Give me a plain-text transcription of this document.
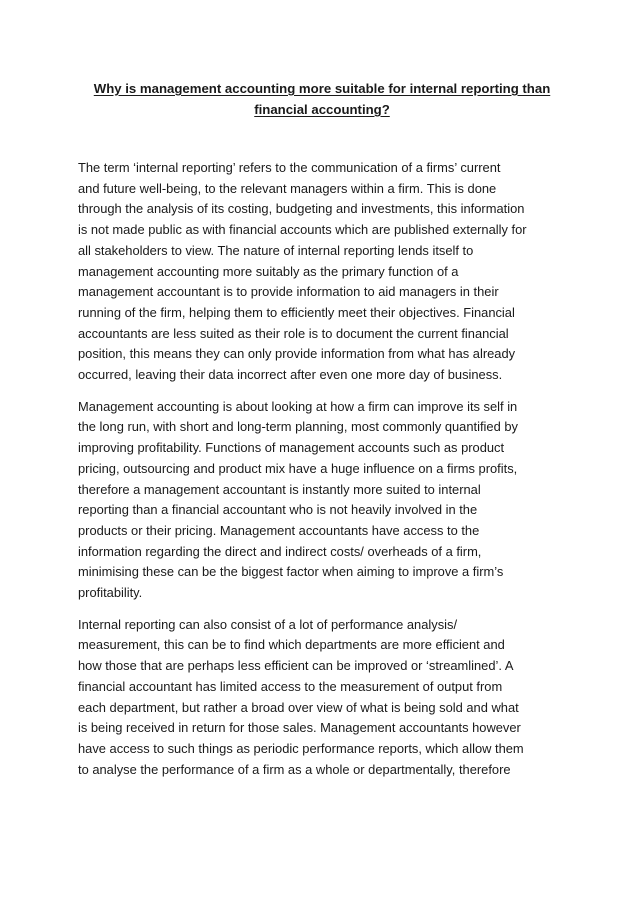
Why is management accounting more suitable for internal reporting than
financial accounting?

The term ‘internal reporting’ refers to the communication of a firms’ current
and future well-being, to the relevant managers within a firm. This is done
through the analysis of its costing, budgeting and investments, this information
is not made public as with financial accounts which are published externally for
all stakeholders to view. The nature of internal reporting lends itself to
management accounting more suitably as the primary function of a
management accountant is to provide information to aid managers in their
running of the firm, helping them to efficiently meet their objectives. Financial
accountants are less suited as their role is to document the current financial
position, this means they can only provide information from what has already
occurred, leaving their data incorrect after even one more day of business.

Management accounting is about looking at how a firm can improve its self in
the long run, with short and long-term planning, most commonly quantified by
improving profitability. Functions of management accounts such as product
pricing, outsourcing and product mix have a huge influence on a firms profits,
therefore a management accountant is instantly more suited to internal
reporting than a financial accountant who is not heavily involved in the
products or their pricing. Management accountants have access to the
information regarding the direct and indirect costs/ overheads of a firm,
minimising these can be the biggest factor when aiming to improve a firm’s
profitability.

Internal reporting can also consist of a lot of performance analysis/
measurement, this can be to find which departments are more efficient and
how those that are perhaps less efficient can be improved or ‘streamlined’. A
financial accountant has limited access to the measurement of output from
each department, but rather a broad over view of what is being sold and what
is being received in return for those sales. Management accountants however
have access to such things as periodic performance reports, which allow them
to analyse the performance of a firm as a whole or departmentally, therefore
